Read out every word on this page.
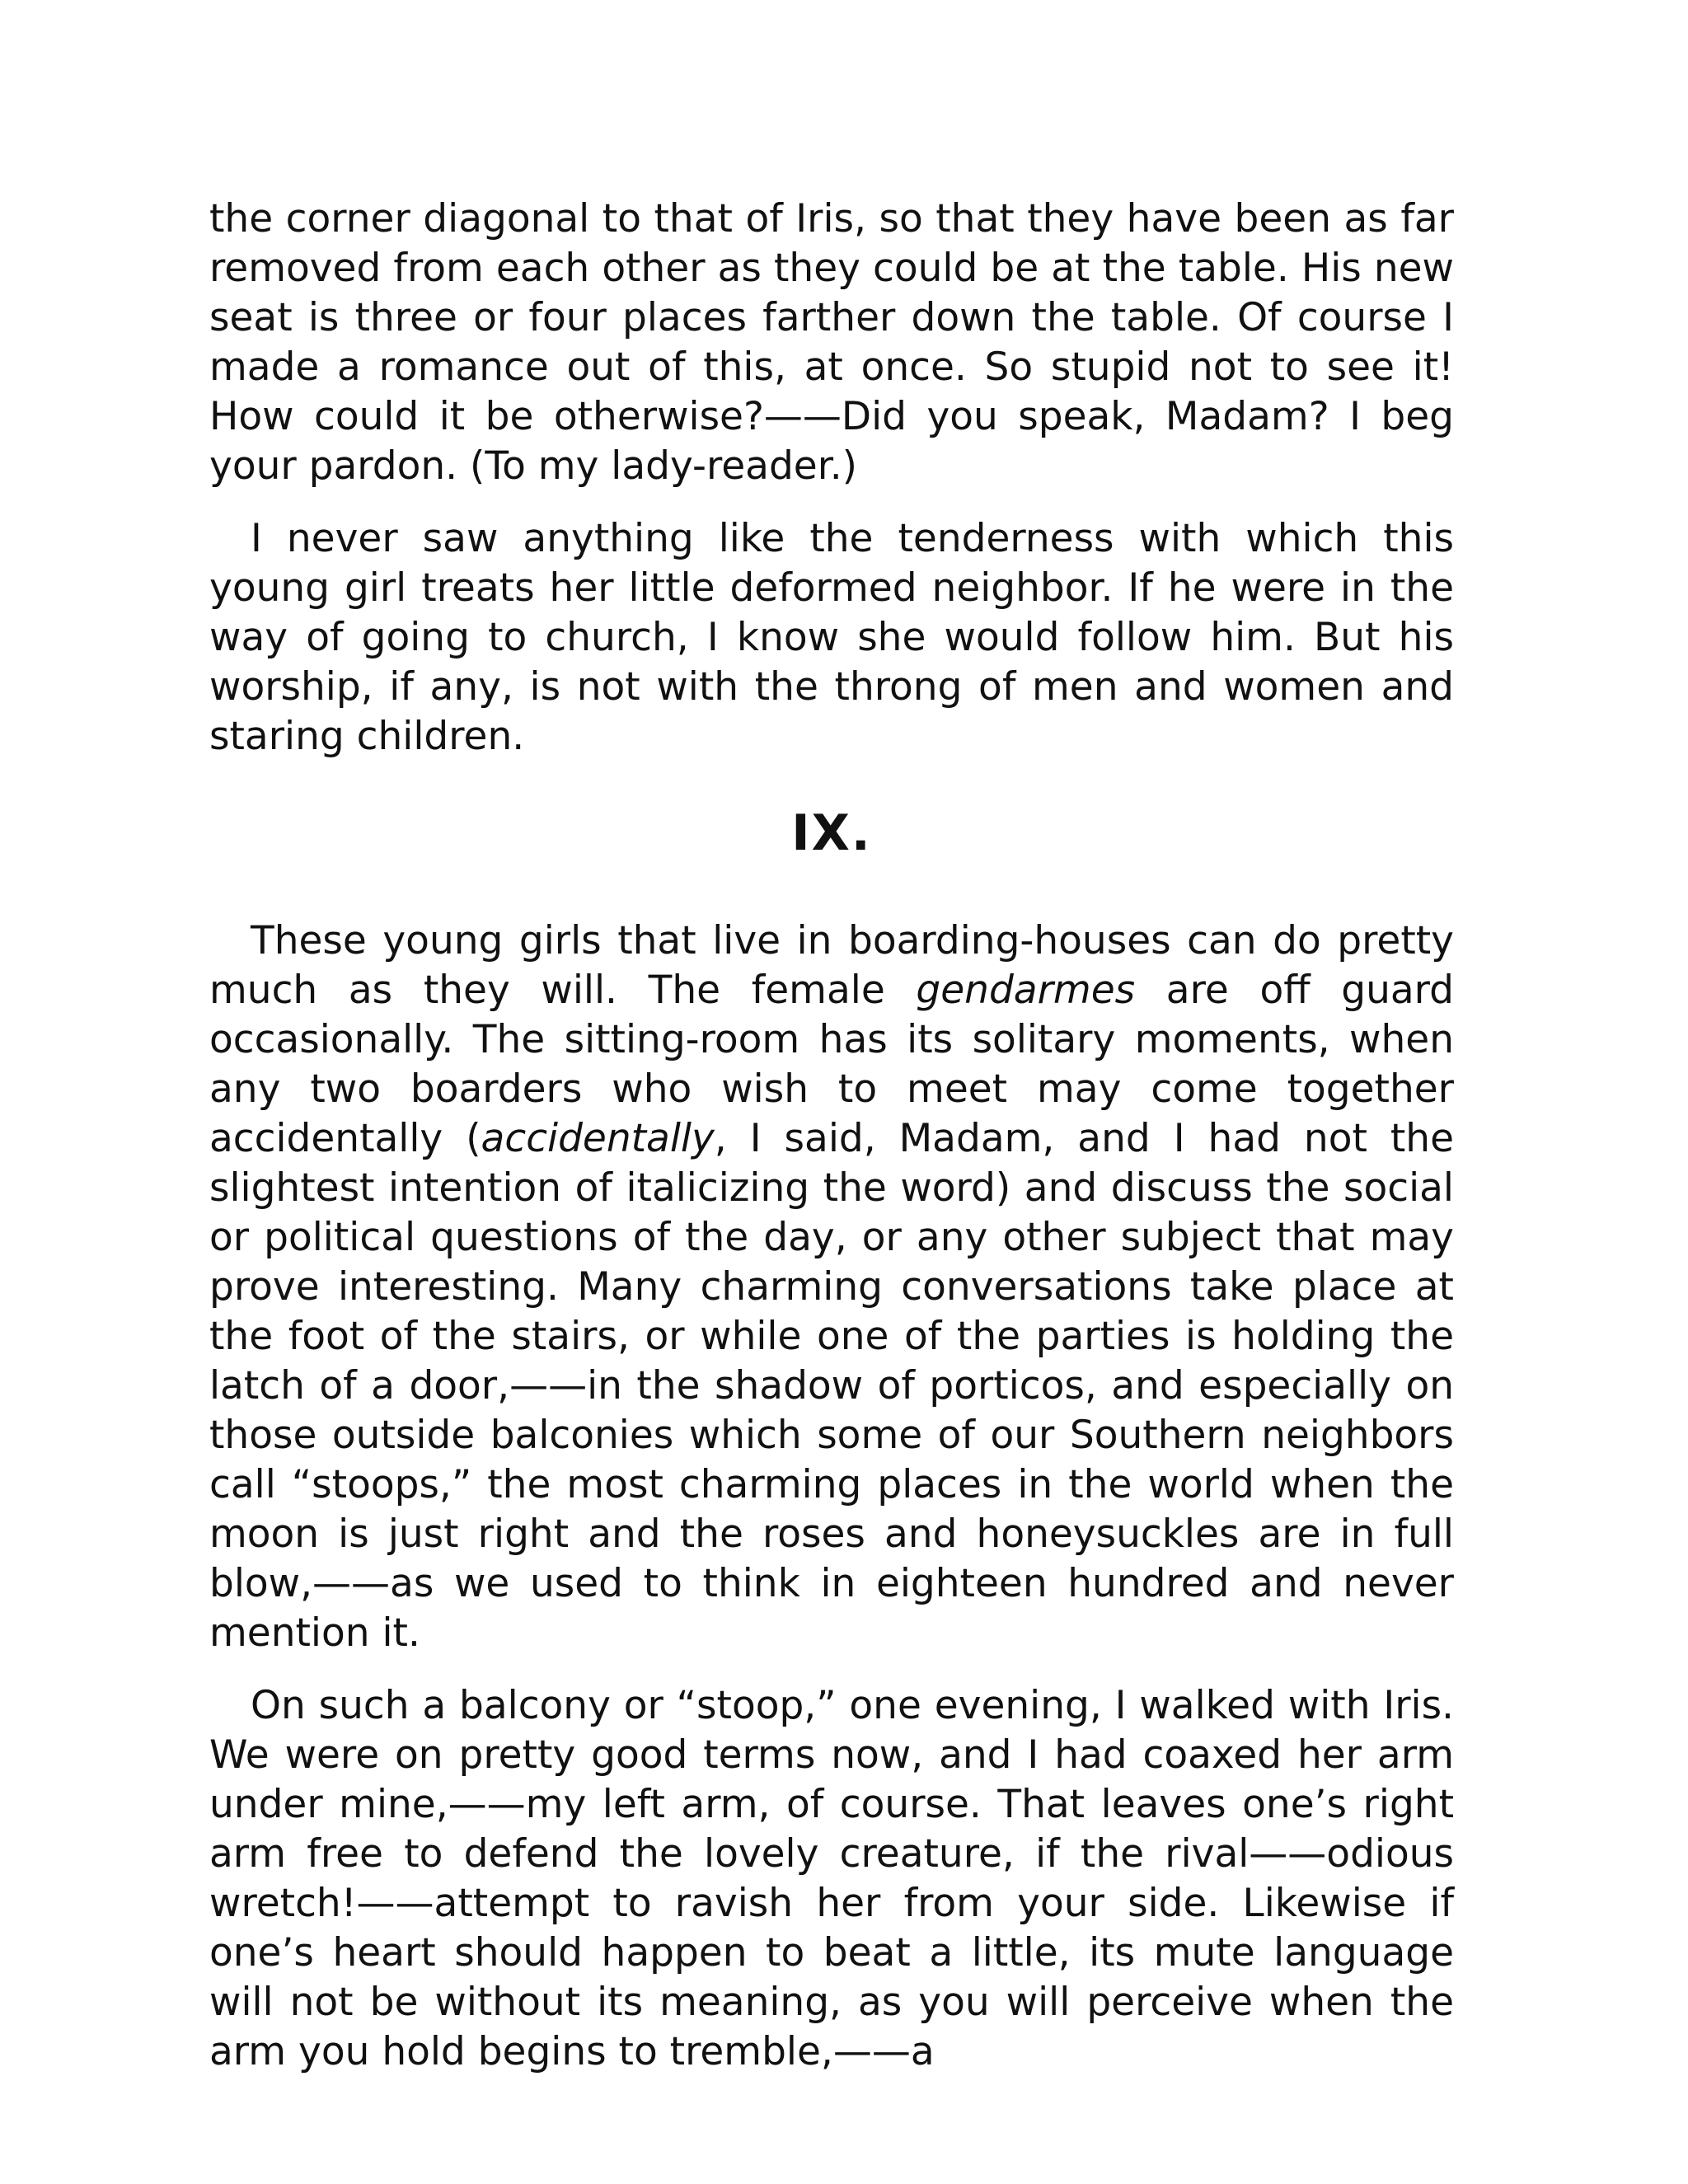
the corner diagonal to that of Iris, so that they have been as far removed from each other as they could be at the table. His new seat is three or four places farther down the table. Of course I made a romance out of this, at once. So stupid not to see it! How could it be otherwise?——Did you speak, Madam? I beg your pardon. (To my lady-reader.)

I never saw anything like the tenderness with which this young girl treats her little deformed neighbor. If he were in the way of going to church, I know she would follow him. But his worship, if any, is not with the throng of men and women and staring children.

IX.

These young girls that live in boarding-houses can do pretty much as they will. The female gendarmes are off guard occasionally. The sitting-room has its solitary moments, when any two boarders who wish to meet may come together accidentally (accidentally, I said, Madam, and I had not the slightest intention of italicizing the word) and discuss the social or political questions of the day, or any other subject that may prove interesting. Many charming conversations take place at the foot of the stairs, or while one of the parties is holding the latch of a door,——in the shadow of porticos, and especially on those outside balconies which some of our Southern neighbors call “stoops,” the most charming places in the world when the moon is just right and the roses and honeysuckles are in full blow,——as we used to think in eighteen hundred and never mention it.

On such a balcony or “stoop,” one evening, I walked with Iris. We were on pretty good terms now, and I had coaxed her arm under mine,——my left arm, of course. That leaves one’s right arm free to defend the lovely creature, if the rival——odious wretch!——attempt to ravish her from your side. Likewise if one’s heart should happen to beat a little, its mute language will not be without its meaning, as you will perceive when the arm you hold begins to tremble,——a
